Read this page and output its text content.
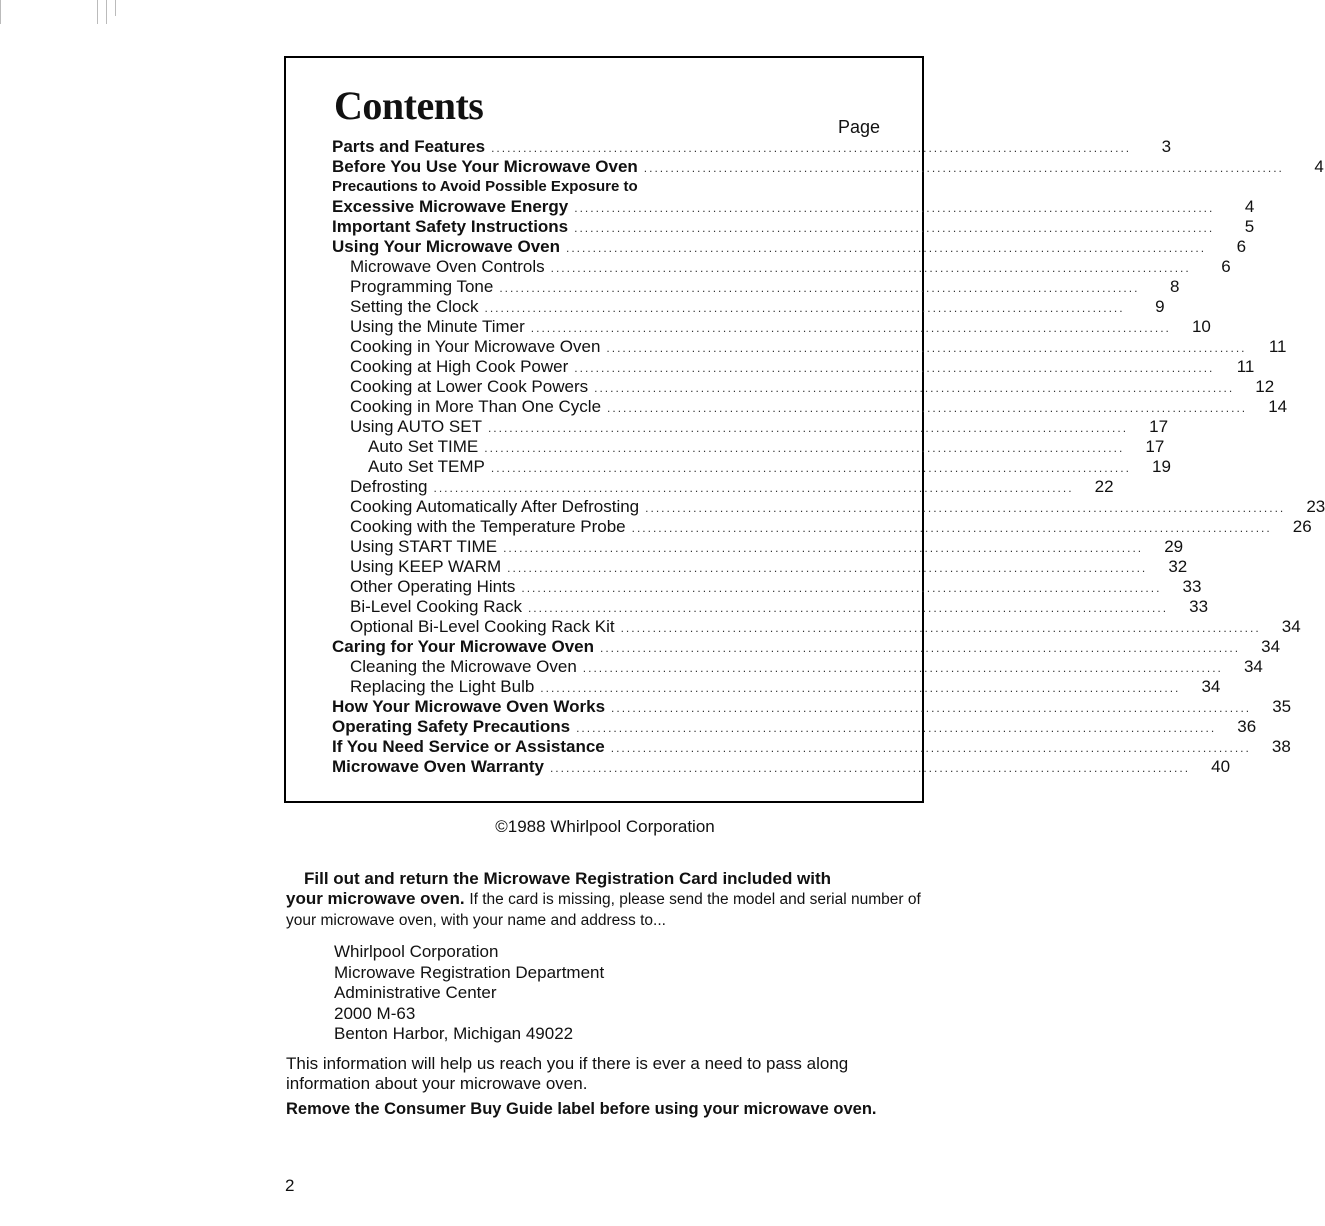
Contents	Page
Parts and Features ........................................................................................................................	3
Before You Use Your Microwave Oven ........................................................................................................................	4
Precautions to Avoid Possible Exposure to
Excessive Microwave Energy ........................................................................................................................	4
Important Safety Instructions ........................................................................................................................	5
Using Your Microwave Oven ........................................................................................................................	6
Microwave Oven Controls ........................................................................................................................	6
Programming Tone ........................................................................................................................	8
Setting the Clock ........................................................................................................................	9
Using the Minute Timer ........................................................................................................................	10
Cooking in Your Microwave Oven ........................................................................................................................	11
Cooking at High Cook Power ........................................................................................................................	11
Cooking at Lower Cook Powers ........................................................................................................................	12
Cooking in More Than One Cycle ........................................................................................................................	14
Using AUTO SET ........................................................................................................................	17
Auto Set TIME ........................................................................................................................	17
Auto Set TEMP ........................................................................................................................	19
Defrosting ........................................................................................................................	22
Cooking Automatically After Defrosting ........................................................................................................................	23
Cooking with the Temperature Probe ........................................................................................................................	26
Using START TIME ........................................................................................................................	29
Using KEEP WARM ........................................................................................................................	32
Other Operating Hints ........................................................................................................................	33
Bi-Level Cooking Rack ........................................................................................................................	33
Optional Bi-Level Cooking Rack Kit ........................................................................................................................	34
Caring for Your Microwave Oven ........................................................................................................................	34
Cleaning the Microwave Oven ........................................................................................................................	34
Replacing the Light Bulb ........................................................................................................................	34
How Your Microwave Oven Works ........................................................................................................................	35
Operating Safety Precautions ........................................................................................................................	36
If You Need Service or Assistance ........................................................................................................................	38
Microwave Oven Warranty ........................................................................................................................	40
©1988 Whirlpool Corporation
Fill out and return the Microwave Registration Card included with
your microwave oven. If the card is missing, please send the model and serial number of your microwave oven, with your name and address to...
Whirlpool Corporation
Microwave Registration Department
Administrative Center
2000 M-63
Benton Harbor, Michigan 49022
This information will help us reach you if there is ever a need to pass along information about your microwave oven.
Remove the Consumer Buy Guide label before using your microwave oven.
2
